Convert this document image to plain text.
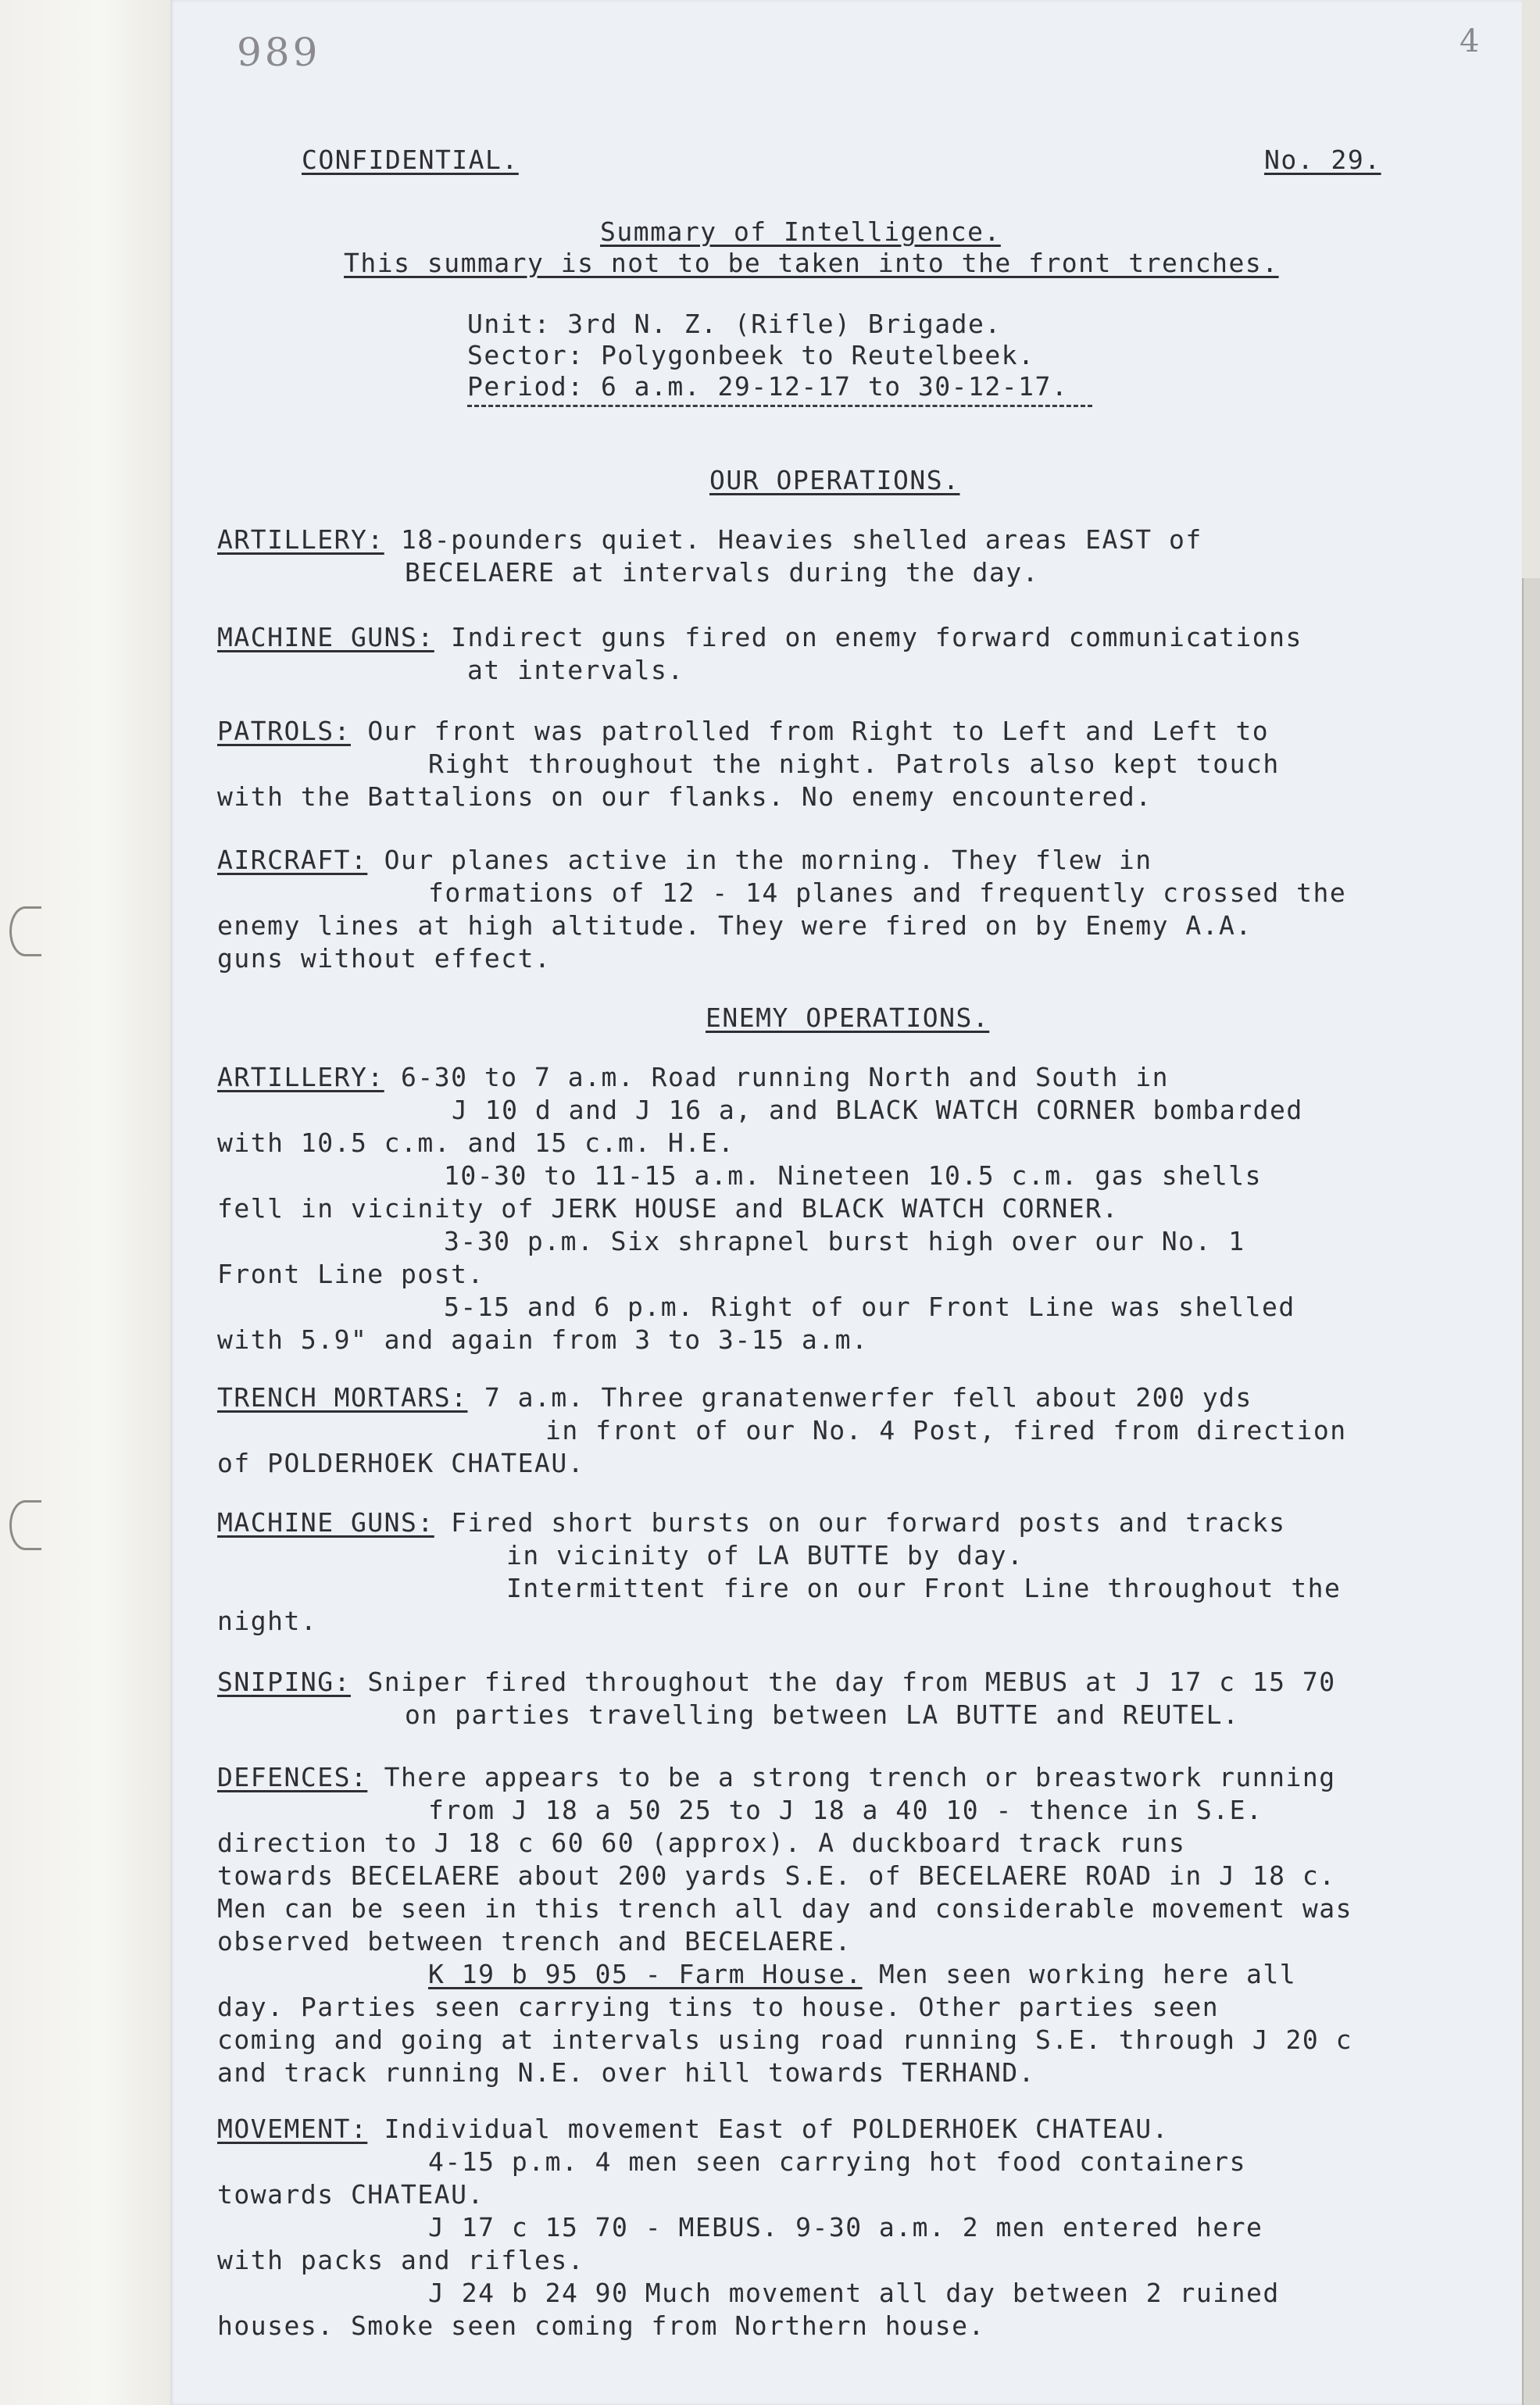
989	4
CONFIDENTIAL.	No. 29.
Summary of Intelligence.
This summary is not to be taken into the front trenches.
Unit: 3rd N. Z. (Rifle) Brigade.
Sector: Polygonbeek to Reutelbeek.
Period: 6 a.m. 29-12-17 to 30-12-17.
OUR OPERATIONS.

ARTILLERY: 18-pounders quiet. Heavies shelled areas EAST of

BECELAERE at intervals during the day.

MACHINE GUNS: Indirect guns fired on enemy forward communications

at intervals.

PATROLS: Our front was patrolled from Right to Left and Left to

Right throughout the night. Patrols also kept touch

with the Battalions on our flanks. No enemy encountered.

AIRCRAFT: Our planes active in the morning. They flew in

formations of 12 - 14 planes and frequently crossed the

enemy lines at high altitude. They were fired on by Enemy A.A.

guns without effect.

ENEMY OPERATIONS.

ARTILLERY: 6-30 to 7 a.m. Road running North and South in

J 10 d and J 16 a, and BLACK WATCH CORNER bombarded

with 10.5 c.m. and 15 c.m. H.E.

10-30 to 11-15 a.m. Nineteen 10.5 c.m. gas shells

fell in vicinity of JERK HOUSE and BLACK WATCH CORNER.

3-30 p.m. Six shrapnel burst high over our No. 1

Front Line post.

5-15 and 6 p.m. Right of our Front Line was shelled

with 5.9" and again from 3 to 3-15 a.m.

TRENCH MORTARS: 7 a.m. Three granatenwerfer fell about 200 yds

in front of our No. 4 Post, fired from direction

of POLDERHOEK CHATEAU.

MACHINE GUNS: Fired short bursts on our forward posts and tracks

in vicinity of LA BUTTE by day.

Intermittent fire on our Front Line throughout the

night.

SNIPING: Sniper fired throughout the day from MEBUS at J 17 c 15 70

on parties travelling between LA BUTTE and REUTEL.

DEFENCES: There appears to be a strong trench or breastwork running

from J 18 a 50 25 to J 18 a 40 10 - thence in S.E.

direction to J 18 c 60 60 (approx). A duckboard track runs

towards BECELAERE about 200 yards S.E. of BECELAERE ROAD in J 18 c.

Men can be seen in this trench all day and considerable movement was

observed between trench and BECELAERE.

K 19 b 95 05 - Farm House. Men seen working here all

day. Parties seen carrying tins to house. Other parties seen

coming and going at intervals using road running S.E. through J 20 c

and track running N.E. over hill towards TERHAND.

MOVEMENT: Individual movement East of POLDERHOEK CHATEAU.

4-15 p.m. 4 men seen carrying hot food containers

towards CHATEAU.

J 17 c 15 70 - MEBUS. 9-30 a.m. 2 men entered here

with packs and rifles.

J 24 b 24 90 Much movement all day between 2 ruined

houses. Smoke seen coming from Northern house.
